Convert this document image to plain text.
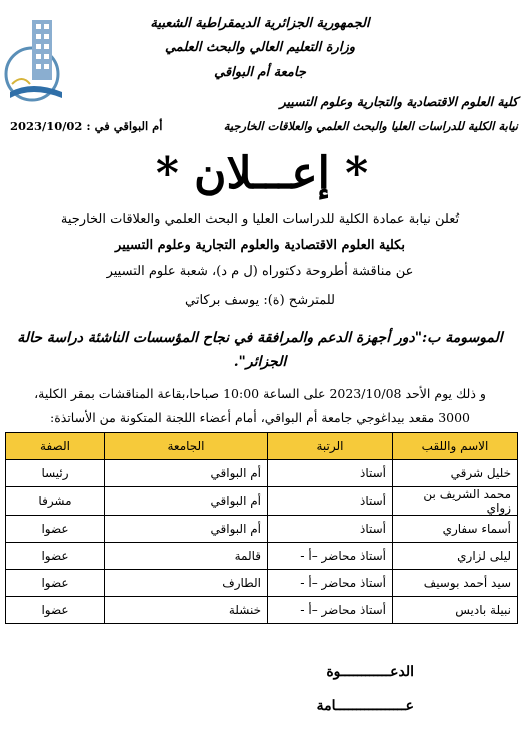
الجمهورية الجزائرية الديمقراطية الشعبية
وزارة التعليم العالي والبحث العلمي
جامعة أم البواقي
كلية العلوم الاقتصادية والتجارية وعلوم التسيير
نيابة الكلية للدراسات العليا والبحث العلمي والعلاقات الخارجية
أم البواقي في : 2023/10/02
* إعـــلان *
تُعلن نيابة عمادة الكلية للدراسات العليا و البحث العلمي والعلاقات الخارجية
بكلية العلوم الاقتصادية والعلوم التجارية وعلوم التسيير
عن مناقشة أطروحة دكتوراه (ل م د)، شعبة علوم التسيير
للمترشح (ة): يوسف بركاتي
الموسومة ب:"دور أجهزة الدعم والمرافقة في نجاح المؤسسات الناشئة دراسة حالة
الجزائر".
و ذلك يوم الأحد 2023/10/08 على الساعة 10:00 صباحا،بقاعة المناقشات بمقر الكلية،
3000 مقعد بيداغوجي جامعة أم البواقي، أمام أعضاء اللجنة المتكونة من الأساتذة:
الاسم واللقب	الرتبة	الجامعة	الصفة
خليل شرقي	أستاذ	أم البواقي	رئيسا
محمد الشريف بن زواي	أستاذ	أم البواقي	مشرفا
أسماء سفاري	أستاذ	أم البواقي	عضوا
ليلى لزاري	أستاذ محاضر –أ -	قالمة	عضوا
سيد أحمد بوسيف	أستاذ محاضر –أ -	الطارف	عضوا
نبيلة باديس	أستاذ محاضر –أ -	خنشلة	عضوا
الدعــــــــــــوة
عـــــــــــــــــامة
